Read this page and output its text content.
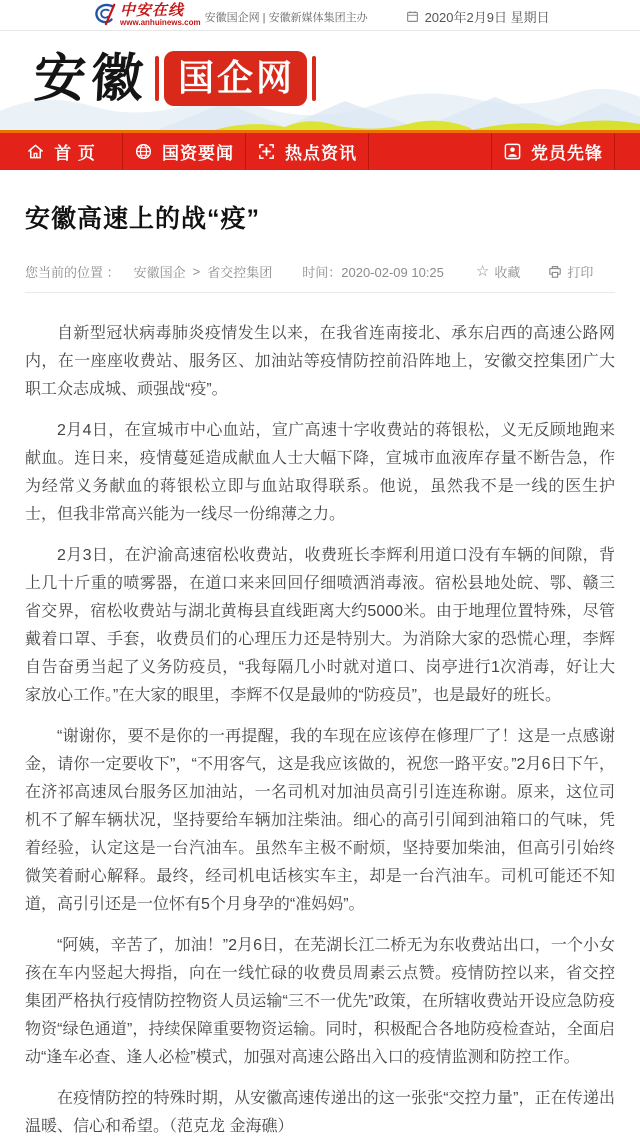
中安在线
www.anhuinews.com 安徽国企网 | 安徽新媒体集团主办	2020年2月9日 星期日
安徽 国企网
首 页	国资要闻	热点资讯	党员先锋
安徽高速上的战“疫”
您当前的位置 ： 安徽国企 > 省交控集团 时间：2020-02-09 10:25 ☆ 收藏	打印

自新型冠状病毒肺炎疫情发生以来，在我省连南接北、承东启西的高速公路网内，在一座座收费站、服务区、加油站等疫情防控前沿阵地上，安徽交控集团广大职工众志成城、顽强战“疫”。

2月4日，在宣城市中心血站，宣广高速十字收费站的蒋银松，义无反顾地跑来献血。连日来，疫情蔓延造成献血人士大幅下降，宣城市血液库存量不断告急，作为经常义务献血的蒋银松立即与血站取得联系。他说，虽然我不是一线的医生护士，但我非常高兴能为一线尽一份绵薄之力。

2月3日，在沪渝高速宿松收费站，收费班长李辉利用道口没有车辆的间隙，背上几十斤重的喷雾器，在道口来来回回仔细喷洒消毒液。宿松县地处皖、鄂、赣三省交界，宿松收费站与湖北黄梅县直线距离大约5000米。由于地理位置特殊，尽管戴着口罩、手套，收费员们的心理压力还是特别大。为消除大家的恐慌心理，李辉自告奋勇当起了义务防疫员，“我每隔几小时就对道口、岗亭进行1次消毒，好让大家放心工作。”在大家的眼里，李辉不仅是最帅的“防疫员”，也是最好的班长。

“谢谢你，要不是你的一再提醒，我的车现在应该停在修理厂了！这是一点感谢金，请你一定要收下”，“不用客气，这是我应该做的，祝您一路平安。”2月6日下午，在济祁高速凤台服务区加油站，一名司机对加油员高引引连连称谢。原来，这位司机不了解车辆状况，坚持要给车辆加注柴油。细心的高引引闻到油箱口的气味，凭着经验，认定这是一台汽油车。虽然车主极不耐烦，坚持要加柴油，但高引引始终微笑着耐心解释。最终，经司机电话核实车主，却是一台汽油车。司机可能还不知道，高引引还是一位怀有5个月身孕的“准妈妈”。

“阿姨，辛苦了，加油！”2月6日，在芜湖长江二桥无为东收费站出口，一个小女孩在车内竖起大拇指，向在一线忙碌的收费员周素云点赞。疫情防控以来，省交控集团严格执行疫情防控物资人员运输“三不一优先”政策，在所辖收费站开设应急防疫物资“绿色通道”，持续保障重要物资运输。同时，积极配合各地防疫检查站，全面启动“逢车必查、逢人必检”模式，加强对高速公路出入口的疫情监测和防控工作。

在疫情防控的特殊时期，从安徽高速传递出的这一张张“交控力量”，正在传递出温暖、信心和希望。（范克龙 金海礁）
